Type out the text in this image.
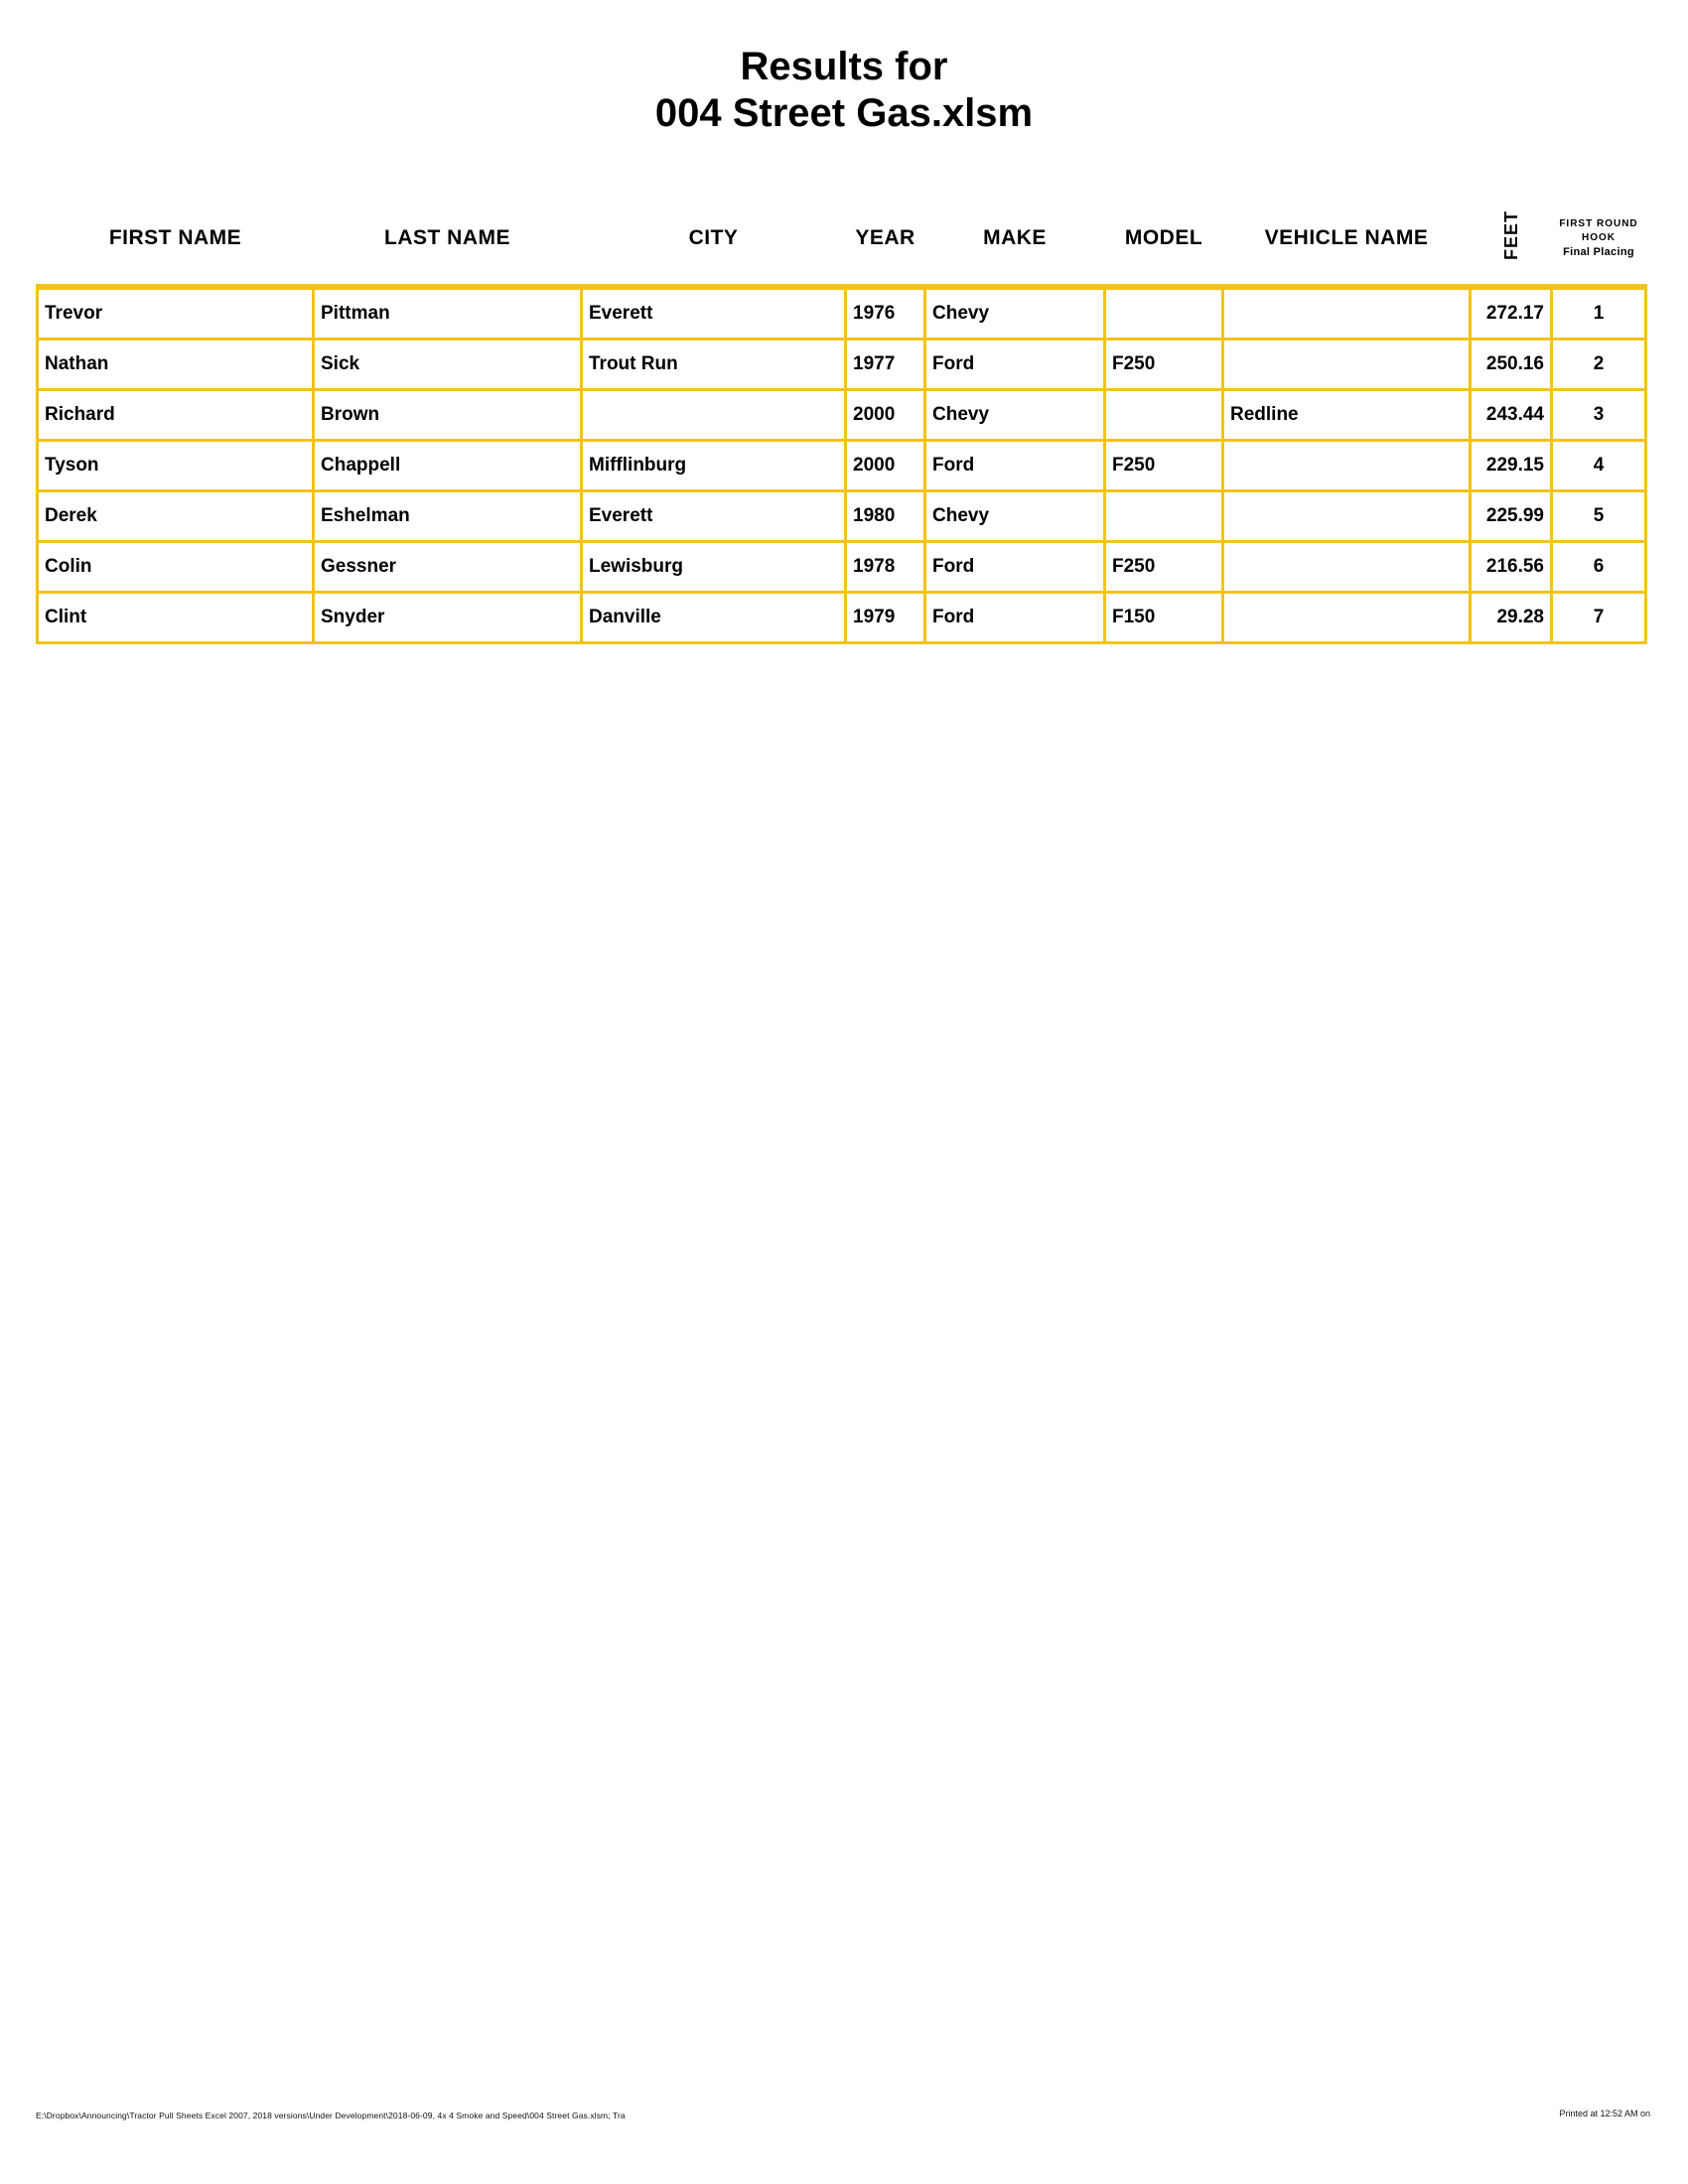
Results for
004 Street Gas.xlsm
FIRST NAME	LAST NAME	CITY	YEAR	MAKE	MODEL	VEHICLE NAME	FEET	FIRST ROUND
HOOK
Final Placing

Trevor	Pittman	Everett	1976	Chevy			272.17	1
Nathan	Sick	Trout Run	1977	Ford	F250		250.16	2
Richard	Brown		2000	Chevy		Redline	243.44	3
Tyson	Chappell	Mifflinburg	2000	Ford	F250		229.15	4
Derek	Eshelman	Everett	1980	Chevy			225.99	5
Colin	Gessner	Lewisburg	1978	Ford	F250		216.56	6
Clint	Snyder	Danville	1979	Ford	F150		29.28	7
E:\Dropbox\Announcing\Tractor Pull Sheets Excel 2007, 2018 versions\Under Development\2018-06-09, 4x 4 Smoke and Speed\004 Street Gas.xlsm; Tra	Printed at 12:52 AM on
